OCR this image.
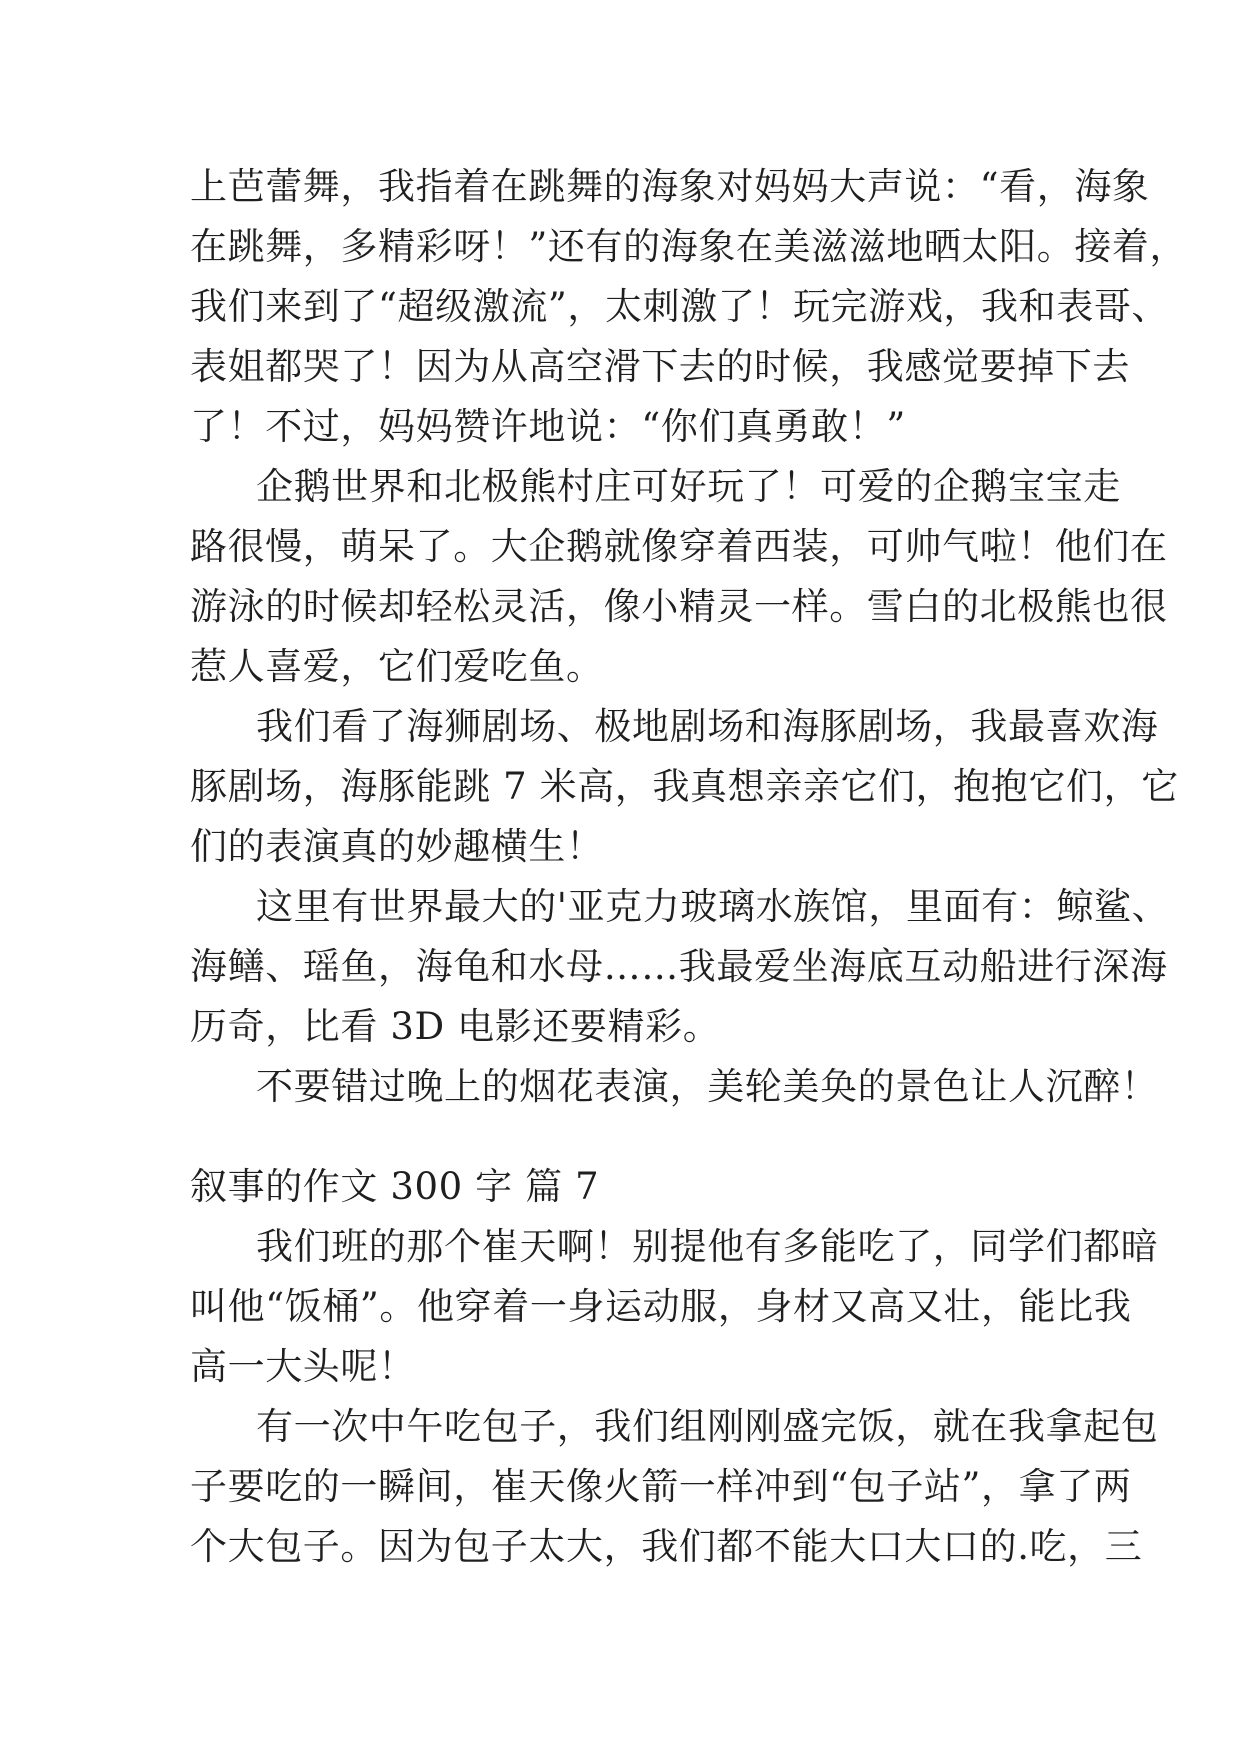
上芭蕾舞，我指着在跳舞的海象对妈妈大声说：“看，海象
在跳舞，多精彩呀！”还有的海象在美滋滋地晒太阳。接着，
我们来到了“超级激流”，太刺激了！玩完游戏，我和表哥、
表姐都哭了！因为从高空滑下去的时候，我感觉要掉下去
了！不过，妈妈赞许地说：“你们真勇敢！”
企鹅世界和北极熊村庄可好玩了！可爱的企鹅宝宝走
路很慢，萌呆了。大企鹅就像穿着西装，可帅气啦！他们在
游泳的时候却轻松灵活，像小精灵一样。雪白的北极熊也很
惹人喜爱，它们爱吃鱼。
我们看了海狮剧场、极地剧场和海豚剧场，我最喜欢海
豚剧场，海豚能跳 7 米高，我真想亲亲它们，抱抱它们，它
们的表演真的妙趣横生！
这里有世界最大的'亚克力玻璃水族馆，里面有：鲸鲨、
海鳝、瑶鱼，海龟和水母……我最爱坐海底互动船进行深海
历奇，比看 3D 电影还要精彩。
不要错过晚上的烟花表演，美轮美奂的景色让人沉醉！
叙事的作文 300 字 篇 7
我们班的那个崔天啊！别提他有多能吃了，同学们都暗
叫他“饭桶”。他穿着一身运动服，身材又高又壮，能比我
高一大头呢！
有一次中午吃包子，我们组刚刚盛完饭，就在我拿起包
子要吃的一瞬间，崔天像火箭一样冲到“包子站”，拿了两
个大包子。因为包子太大，我们都不能大口大口的.吃，三
